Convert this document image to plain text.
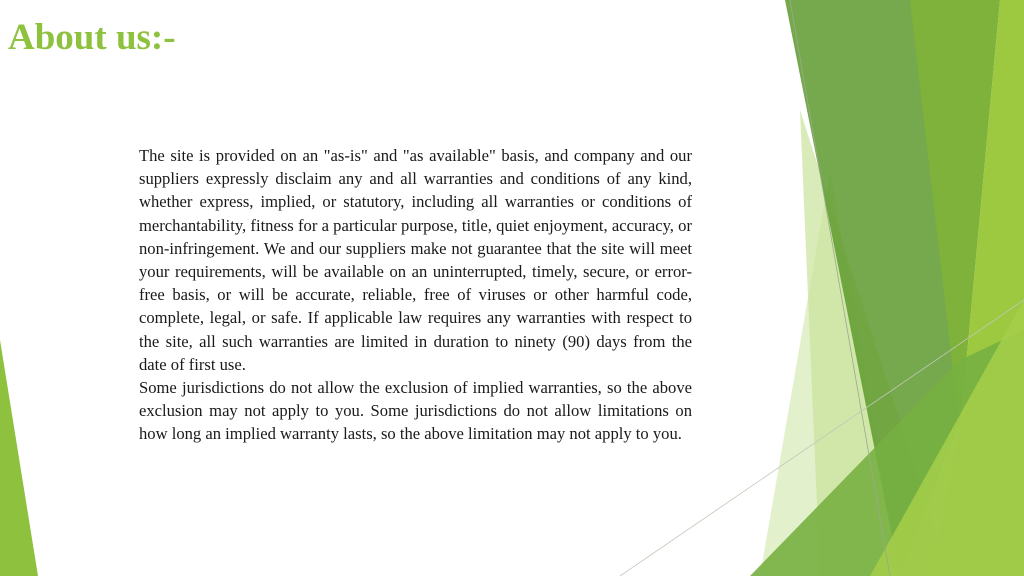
About us:-

The site is provided on an "as-is" and "as available" basis, and company and our suppliers expressly disclaim any and all warranties and conditions of any kind, whether express, implied, or statutory, including all warranties or conditions of merchantability, fitness for a particular purpose, title, quiet enjoyment, accuracy, or non-infringement. We and our suppliers make not guarantee that the site will meet your requirements, will be available on an uninterrupted, timely, secure, or error-free basis, or will be accurate, reliable, free of viruses or other harmful code, complete, legal, or safe. If applicable law requires any warranties with respect to the site, all such warranties are limited in duration to ninety (90) days from the date of first use.

Some jurisdictions do not allow the exclusion of implied warranties, so the above exclusion may not apply to you. Some jurisdictions do not allow limitations on how long an implied warranty lasts, so the above limitation may not apply to you.
